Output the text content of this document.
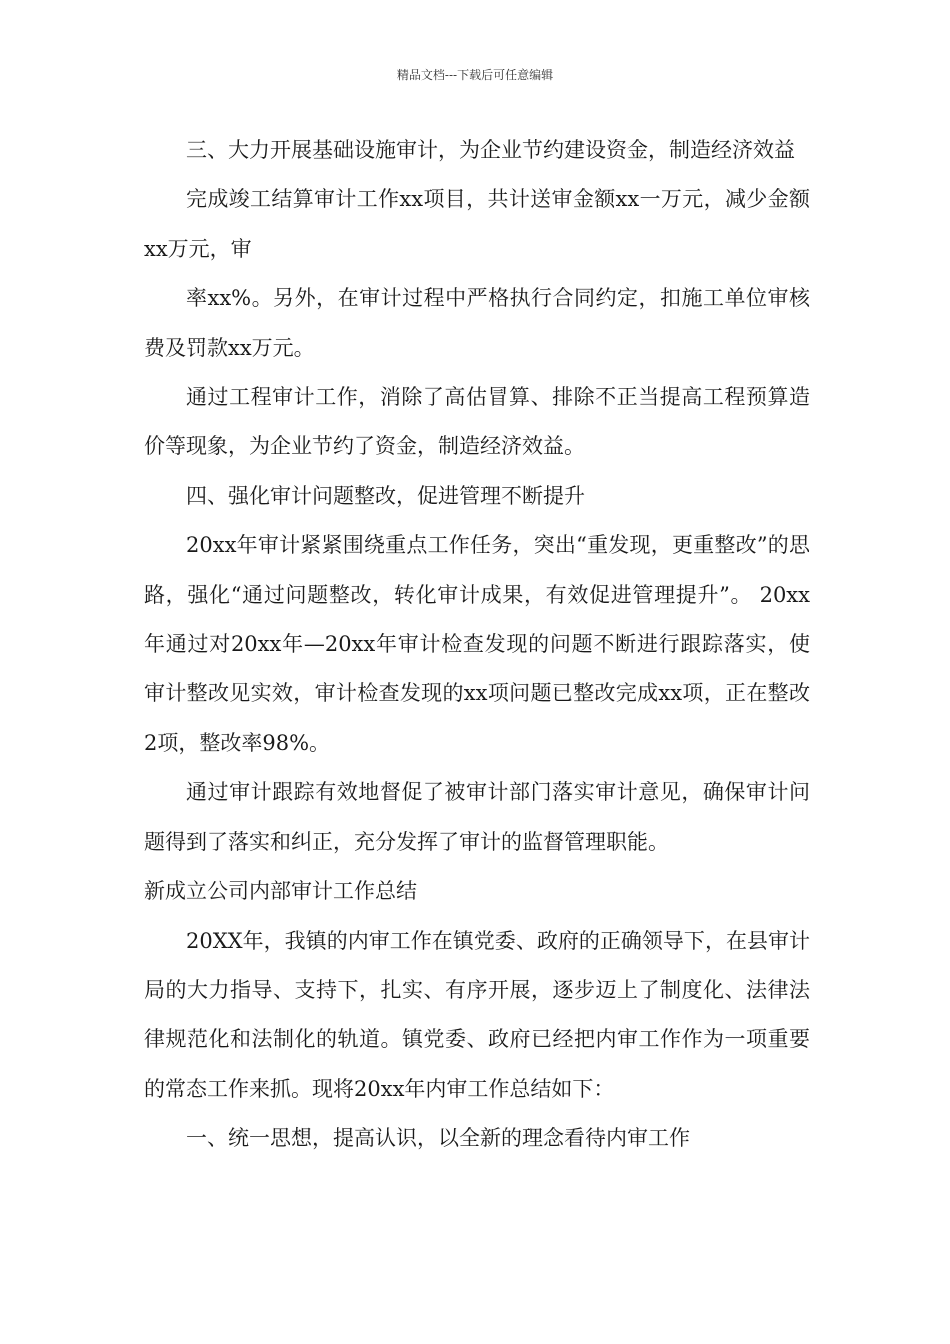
精品文档---下载后可任意编辑

三、大力开展基础设施审计，为企业节约建设资金，制造经济效益

完成竣工结算审计工作xx项目，共计送审金额xx一万元，减少金额xx万元，审

率xx%。另外，在审计过程中严格执行合同约定，扣施工单位审核费及罚款xx万元。

通过工程审计工作，消除了高估冒算、排除不正当提高工程预算造价等现象，为企业节约了资金，制造经济效益。

四、强化审计问题整改，促进管理不断提升

20xx年审计紧紧围绕重点工作任务，突出“重发现，更重整改”的思路，强化“通过问题整改，转化审计成果，有效促进管理提升”。 20xx年通过对20xx年—20xx年审计检查发现的问题不断进行跟踪落实，使审计整改见实效，审计检查发现的xx项问题已整改完成xx项，正在整改2项，整改率98%。

通过审计跟踪有效地督促了被审计部门落实审计意见，确保审计问题得到了落实和纠正，充分发挥了审计的监督管理职能。

新成立公司内部审计工作总结

20XX年，我镇的内审工作在镇党委、政府的正确领导下，在县审计局的大力指导、支持下，扎实、有序开展，逐步迈上了制度化、法律法律规范化和法制化的轨道。镇党委、政府已经把内审工作作为一项重要的常态工作来抓。现将20xx年内审工作总结如下：

一、统一思想，提高认识，以全新的理念看待内审工作
